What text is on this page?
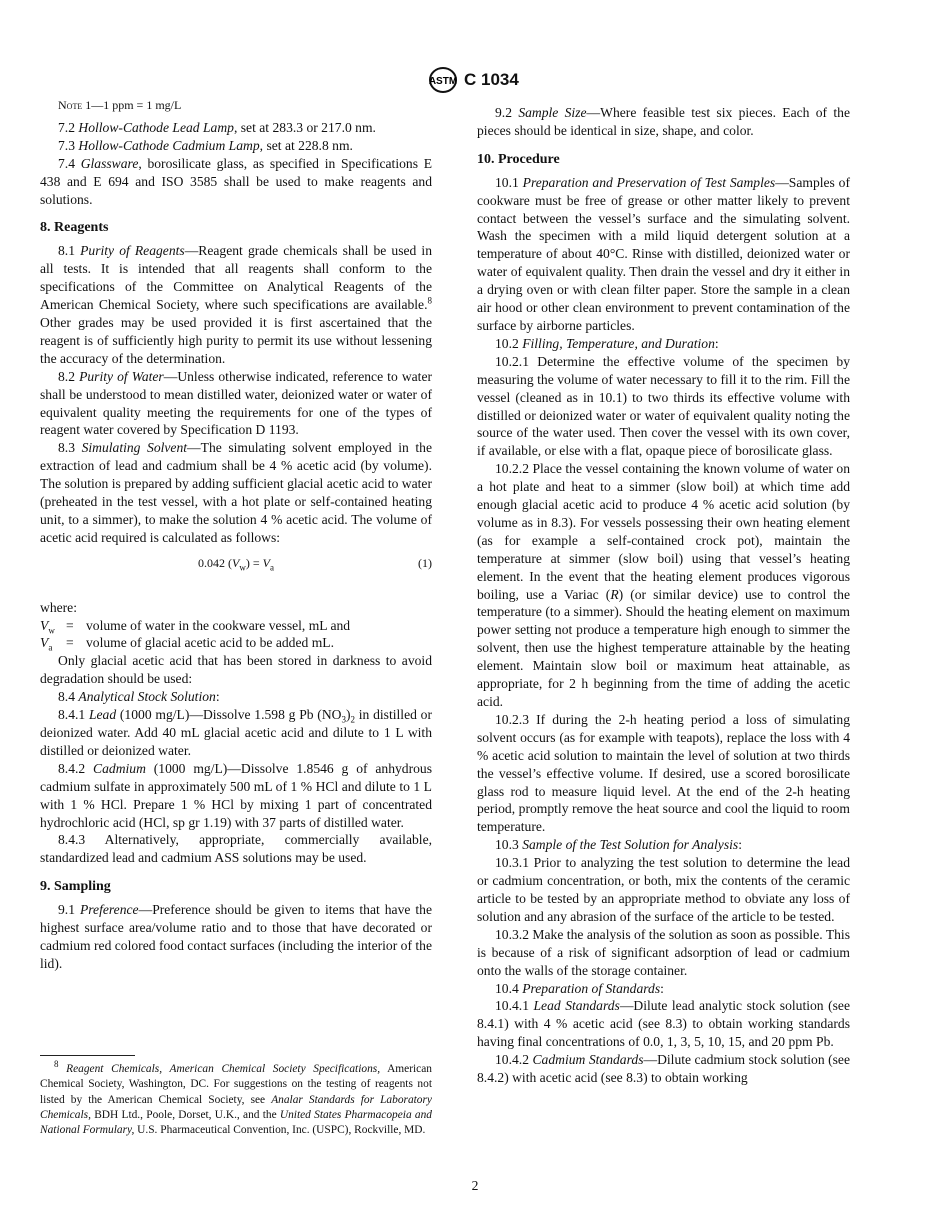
ASTM C 1034
Note 1—1 ppm = 1 mg/L
7.2 Hollow-Cathode Lead Lamp, set at 283.3 or 217.0 nm.
7.3 Hollow-Cathode Cadmium Lamp, set at 228.8 nm.
7.4 Glassware, borosilicate glass, as specified in Specifications E 438 and E 694 and ISO 3585 shall be used to make reagents and solutions.
8. Reagents
8.1 Purity of Reagents—Reagent grade chemicals shall be used in all tests. It is intended that all reagents shall conform to the specifications of the Committee on Analytical Reagents of the American Chemical Society, where such specifications are available.$^8$ Other grades may be used provided it is first ascertained that the reagent is of sufficiently high purity to permit its use without lessening the accuracy of the determination.
8.2 Purity of Water—Unless otherwise indicated, reference to water shall be understood to mean distilled water, deionized water or water of equivalent quality meeting the requirements for one of the types of reagent water covered by Specification D 1193.
8.3 Simulating Solvent—The simulating solvent employed in the extraction of lead and cadmium shall be 4 % acetic acid (by volume). The solution is prepared by adding sufficient glacial acetic acid to water (preheated in the test vessel, with a hot plate or self-contained heating unit, to a simmer), to make the solution 4 % acetic acid. The volume of acetic acid required is calculated as follows:
0.042 $(V_w) = V_a$	(1)
where:
$V_w$ = volume of water in the cookware vessel, mL and
$V_a$	= volume of glacial acetic acid to be added mL.
Only glacial acetic acid that has been stored in darkness to avoid degradation should be used:
8.4 Analytical Stock Solution:
8.4.1 Lead (1000 mg/L)—Dissolve 1.598 g Pb $(NO_3)_2$ in distilled or deionized water. Add 40 mL glacial acetic acid and dilute to 1 L with distilled or deionized water.
8.4.2 Cadmium (1000 mg/L)—Dissolve 1.8546 g of anhydrous cadmium sulfate in approximately 500 mL of 1 % HCl and dilute to 1 L with 1 % HCl. Prepare 1 % HCl by mixing 1 part of concentrated hydrochloric acid (HCl, sp gr 1.19) with 37 parts of distilled water.
8.4.3 Alternatively, appropriate, commercially available, standardized lead and cadmium ASS solutions may be used.
9. Sampling
9.1 Preference—Preference should be given to items that have the highest surface area/volume ratio and to those that have decorated or cadmium red colored food contact surfaces (including the interior of the lid).
9.2 Sample Size—Where feasible test six pieces. Each of the pieces should be identical in size, shape, and color.
10. Procedure
10.1 Preparation and Preservation of Test Samples—Samples of cookware must be free of grease or other matter likely to prevent contact between the vessel’s surface and the simulating solvent. Wash the specimen with a mild liquid detergent solution at a temperature of about 40°C. Rinse with distilled, deionized water or water of equivalent quality. Then drain the vessel and dry it either in a drying oven or with clean filter paper. Store the sample in a clean air hood or other clean environment to prevent contamination of the surface by airborne particles.
10.2 Filling, Temperature, and Duration:
10.2.1 Determine the effective volume of the specimen by measuring the volume of water necessary to fill it to the rim. Fill the vessel (cleaned as in 10.1) to two thirds its effective volume with distilled or deionized water or water of equivalent quality noting the source of the water used. Then cover the vessel with its own cover, if available, or else with a flat, opaque piece of borosilicate glass.
10.2.2 Place the vessel containing the known volume of water on a hot plate and heat to a simmer (slow boil) at which time add enough glacial acetic acid to produce 4 % acetic acid solution (by volume as in 8.3). For vessels possessing their own heating element (as for example a self-contained crock pot), maintain the temperature at simmer (slow boil) using that vessel’s heating element. In the event that the heating element produces vigorous boiling, use a Variac (R) (or similar device) use to control the temperature (to a simmer). Should the heating element on maximum power setting not produce a temperature high enough to simmer the solvent, then use the highest temperature attainable by the heating element. Maintain slow boil or maximum heat attainable, as appropriate, for 2 h beginning from the time of adding the acetic acid.
10.2.3 If during the 2-h heating period a loss of simulating solvent occurs (as for example with teapots), replace the loss with 4 % acetic acid solution to maintain the level of solution at two thirds the vessel’s effective volume. If desired, use a scored borosilicate glass rod to measure liquid level. At the end of the 2-h heating period, promptly remove the heat source and cool the liquid to room temperature.
10.3 Sample of the Test Solution for Analysis:
10.3.1 Prior to analyzing the test solution to determine the lead or cadmium concentration, or both, mix the contents of the ceramic article to be tested by an appropriate method to obviate any loss of solution and any abrasion of the surface of the article to be tested.
10.3.2 Make the analysis of the solution as soon as possible. This is because of a risk of significant adsorption of lead or cadmium onto the walls of the storage container.
10.4 Preparation of Standards:
10.4.1 Lead Standards—Dilute lead analytic stock solution (see 8.4.1) with 4 % acetic acid (see 8.3) to obtain working standards having final concentrations of 0.0, 1, 3, 5, 10, 15, and 20 ppm Pb.
10.4.2 Cadmium Standards—Dilute cadmium stock solution (see 8.4.2) with acetic acid (see 8.3) to obtain working
$^8$ Reagent Chemicals, American Chemical Society Specifications, American Chemical Society, Washington, DC. For suggestions on the testing of reagents not listed by the American Chemical Society, see Analar Standards for Laboratory Chemicals, BDH Ltd., Poole, Dorset, U.K., and the United States Pharmacopeia and National Formulary, U.S. Pharmaceutical Convention, Inc. (USPC), Rockville, MD.
2
